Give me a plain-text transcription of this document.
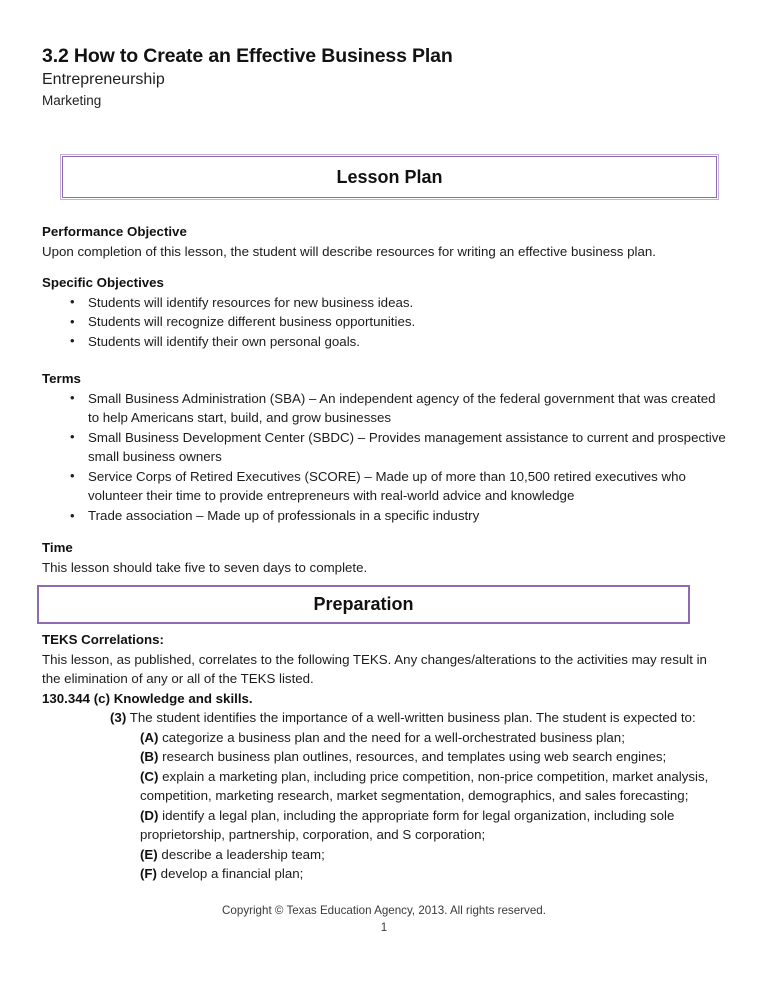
3.2 How to Create an Effective Business Plan
Entrepreneurship
Marketing
Lesson Plan
Performance Objective
Upon completion of this lesson, the student will describe resources for writing an effective business plan.
Specific Objectives
• Students will identify resources for new business ideas.
• Students will recognize different business opportunities.
• Students will identify their own personal goals.
Terms
• Small Business Administration (SBA) – An independent agency of the federal government that was created to help Americans start, build, and grow businesses
• Small Business Development Center (SBDC) – Provides management assistance to current and prospective small business owners
• Service Corps of Retired Executives (SCORE) – Made up of more than 10,500 retired executives who volunteer their time to provide entrepreneurs with real-world advice and knowledge
• Trade association – Made up of professionals in a specific industry
Time
This lesson should take five to seven days to complete.
Preparation
TEKS Correlations:
This lesson, as published, correlates to the following TEKS. Any changes/alterations to the activities may result in the elimination of any or all of the TEKS listed.
130.344 (c) Knowledge and skills.
(3) The student identifies the importance of a well-written business plan. The student is expected to:
(A) categorize a business plan and the need for a well-orchestrated business plan;
(B) research business plan outlines, resources, and templates using web search engines;
(C) explain a marketing plan, including price competition, non-price competition, market analysis, competition, marketing research, market segmentation, demographics, and sales forecasting;
(D) identify a legal plan, including the appropriate form for legal organization, including sole proprietorship, partnership, corporation, and S corporation;
(E) describe a leadership team;
(F) develop a financial plan;
Copyright © Texas Education Agency, 2013. All rights reserved.
1
